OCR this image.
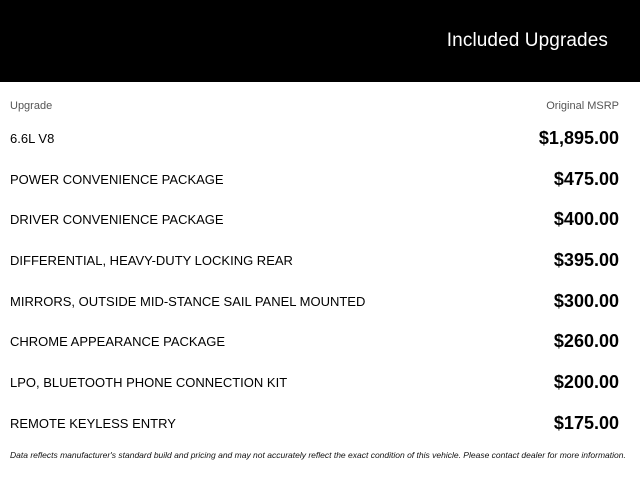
Included Upgrades
Upgrade	Original MSRP
6.6L V8	$1,895.00
POWER CONVENIENCE PACKAGE	$475.00
DRIVER CONVENIENCE PACKAGE	$400.00
DIFFERENTIAL, HEAVY-DUTY LOCKING REAR	$395.00
MIRRORS, OUTSIDE MID-STANCE SAIL PANEL MOUNTED	$300.00
CHROME APPEARANCE PACKAGE	$260.00
LPO, BLUETOOTH PHONE CONNECTION KIT	$200.00
REMOTE KEYLESS ENTRY	$175.00
Data reflects manufacturer's standard build and pricing and may not accurately reflect the exact condition of this vehicle. Please contact dealer for more information.
